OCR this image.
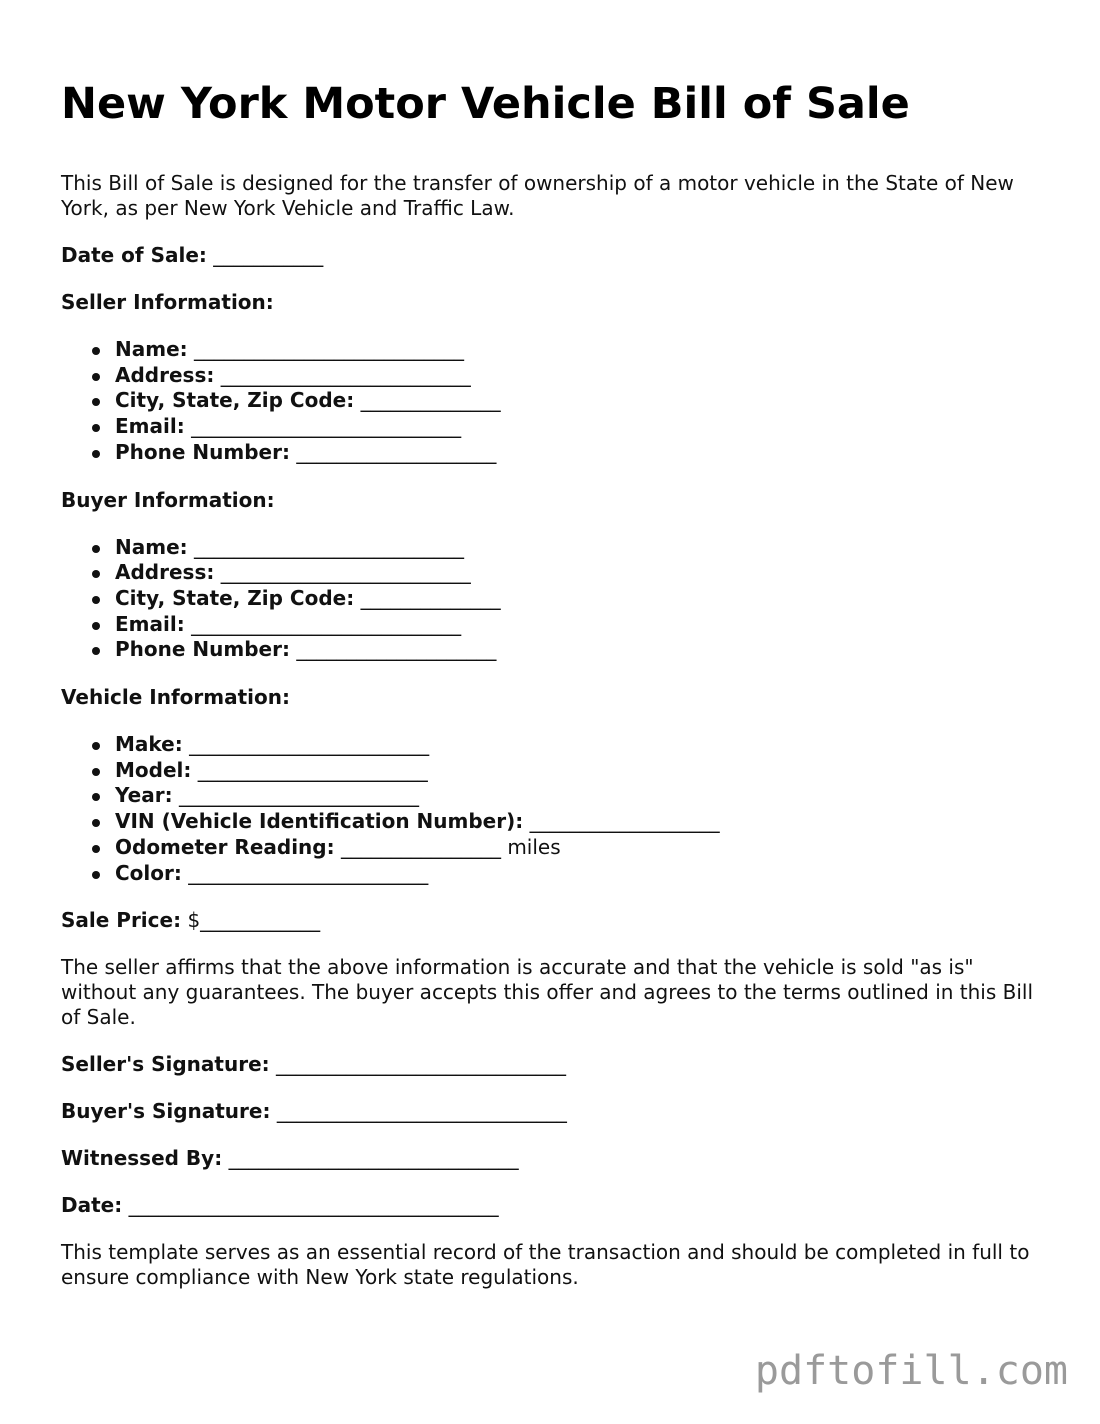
New York Motor Vehicle Bill of Sale

This Bill of Sale is designed for the transfer of ownership of a motor vehicle in the State of New York, as per New York Vehicle and Traffic Law.

Date of Sale: ___________
Seller Information:
Name: ___________________________
Address: _________________________
City, State, Zip Code: ______________
Email: ___________________________
Phone Number: ____________________
Buyer Information:
Name: ___________________________
Address: _________________________
City, State, Zip Code: ______________
Email: ___________________________
Phone Number: ____________________
Vehicle Information:
Make: ________________________
Model: _______________________
Year: ________________________
VIN (Vehicle Identification Number): ___________________
Odometer Reading: ________________ miles
Color: ________________________
Sale Price: $____________

The seller affirms that the above information is accurate and that the vehicle is sold "as is" without any guarantees. The buyer accepts this offer and agrees to the terms outlined in this Bill of Sale.

Seller's Signature: _____________________________
Buyer's Signature: _____________________________
Witnessed By: _____________________________
Date: _____________________________________

This template serves as an essential record of the transaction and should be completed in full to ensure compliance with New York state regulations.

pdftofill.com
